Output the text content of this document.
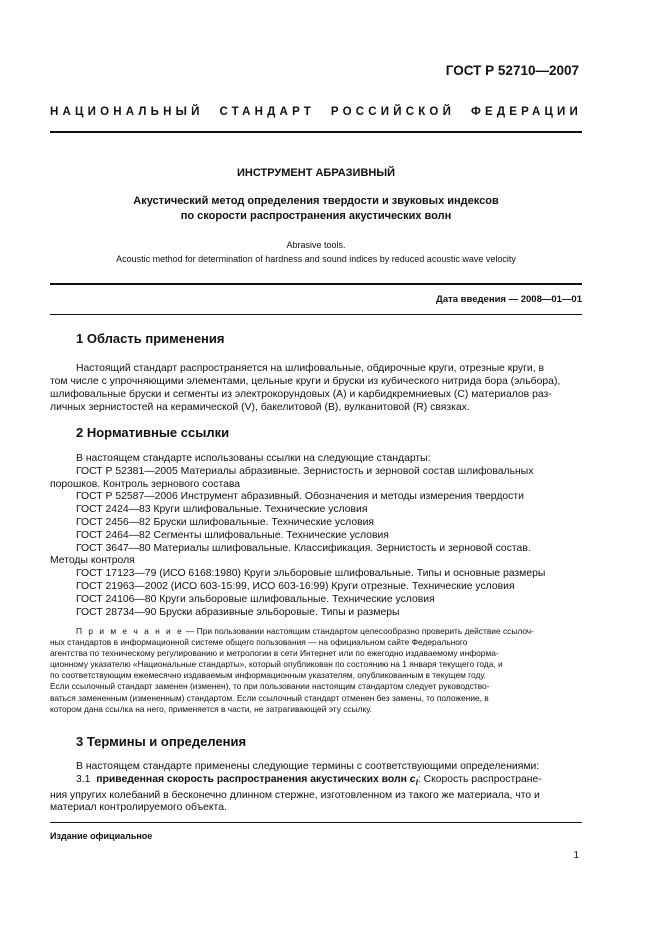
ГОСТ Р 52710—2007
НАЦИОНАЛЬНЫЙ СТАНДАРТ РОССИЙСКОЙ ФЕДЕРАЦИИ
ИНСТРУМЕНТ АБРАЗИВНЫЙ
Акустический метод определения твердости и звуковых индексов
по скорости распространения акустических волн
Abrasive tools.
Acoustic method for determination of hardness and sound indices by reduced acoustic wave velocity
Дата введения — 2008—01—01
1 Область применения
Настоящий стандарт распространяется на шлифовальные, обдирочные круги, отрезные круги, в
том числе с упрочняющими элементами, цельные круги и бруски из кубического нитрида бора (эльбора),
шлифовальные бруски и сегменты из электрокорундовых (А) и карбидкремниевых (С) материалов раз-
личных зернистостей на керамической (V), бакелитовой (В), вулканитовой (R) связках.
2 Нормативные ссылки
В настоящем стандарте использованы ссылки на следующие стандарты:
ГОСТ Р 52381—2005 Материалы абразивные. Зернистость и зерновой состав шлифовальных
порошков. Контроль зернового состава
ГОСТ Р 52587—2006 Инструмент абразивный. Обозначения и методы измерения твердости
ГОСТ 2424—83 Круги шлифовальные. Технические условия
ГОСТ 2456—82 Бруски шлифовальные. Технические условия
ГОСТ 2464—82 Сегменты шлифовальные. Технические условия
ГОСТ 3647—80 Материалы шлифовальные. Классификация. Зернистость и зерновой состав.
Методы контроля
ГОСТ 17123—79 (ИСО 6168:1980) Круги эльборовые шлифовальные. Типы и основные размеры
ГОСТ 21963—2002 (ИСО 603-15:99, ИСО 603-16:99) Круги отрезные. Технические условия
ГОСТ 24106—80 Круги эльборовые шлифовальные. Технические условия
ГОСТ 28734—90 Бруски абразивные эльборовые. Типы и размеры
П р и м е ч а н и е — При пользовании настоящим стандартом целесообразно проверить действие ссылоч-
ных стандартов в информационной системе общего пользования — на официальном сайте Федерального
агентства по техническому регулированию и метрологии в сети Интернет или по ежегодно издаваемому информа-
ционному указателю «Национальные стандарты», который опубликован по состоянию на 1 января текущего года, и
по соответствующим ежемесячно издаваемым информационным указателям, опубликованным в текущем году.
Если ссылочный стандарт заменен (изменен), то при пользовании настоящим стандартом следует руководство-
ваться замененным (измененным) стандартом. Если ссылочный стандарт отменен без замены, то положение, в
котором дана ссылка на него, применяется в части, не затрагивающей эту ссылку.
3 Термины и определения
В настоящем стандарте применены следующие термины с соответствующими определениями:
3.1 приведенная скорость распространения акустических волн $c_l$: Скорость распростране-
ния упругих колебаний в бесконечно длинном стержне, изготовленном из такого же материала, что и
материал контролируемого объекта.
Издание официальное
1
